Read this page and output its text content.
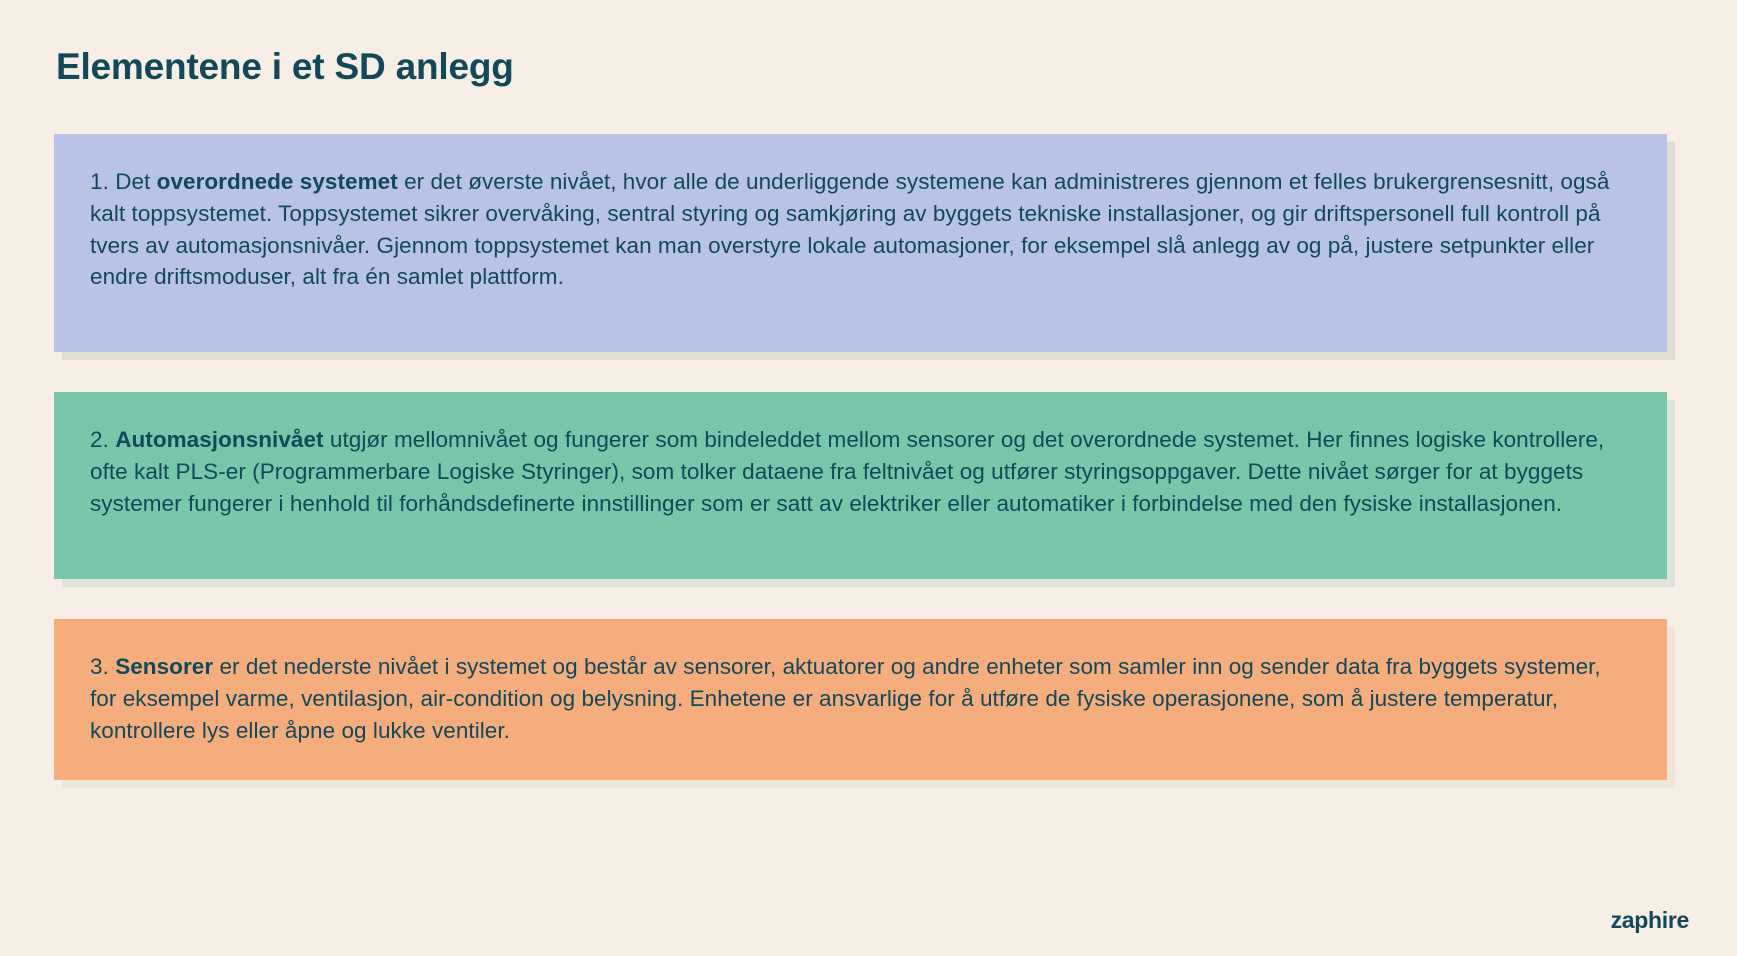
Elementene i et SD anlegg

1. Det overordnede systemet er det øverste nivået, hvor alle de underliggende systemene kan administreres gjennom et felles brukergrensesnitt, også kalt toppsystemet. Toppsystemet sikrer overvåking, sentral styring og samkjøring av byggets tekniske installasjoner, og gir driftspersonell full kontroll på tvers av automasjonsnivåer. Gjennom toppsystemet kan man overstyre lokale automasjoner, for eksempel slå anlegg av og på, justere setpunkter eller endre driftsmoduser, alt fra én samlet plattform.

2. Automasjonsnivået utgjør mellomnivået og fungerer som bindeleddet mellom sensorer og det overordnede systemet. Her finnes logiske kontrollere, ofte kalt PLS-er (Programmerbare Logiske Styringer), som tolker dataene fra feltnivået og utfører styringsoppgaver. Dette nivået sørger for at byggets systemer fungerer i henhold til forhåndsdefinerte innstillinger som er satt av elektriker eller automatiker i forbindelse med den fysiske installasjonen.

3. Sensorer er det nederste nivået i systemet og består av sensorer, aktuatorer og andre enheter som samler inn og sender data fra byggets systemer, for eksempel varme, ventilasjon, air-condition og belysning. Enhetene er ansvarlige for å utføre de fysiske operasjonene, som å justere temperatur, kontrollere lys eller åpne og lukke ventiler.

zaphire
